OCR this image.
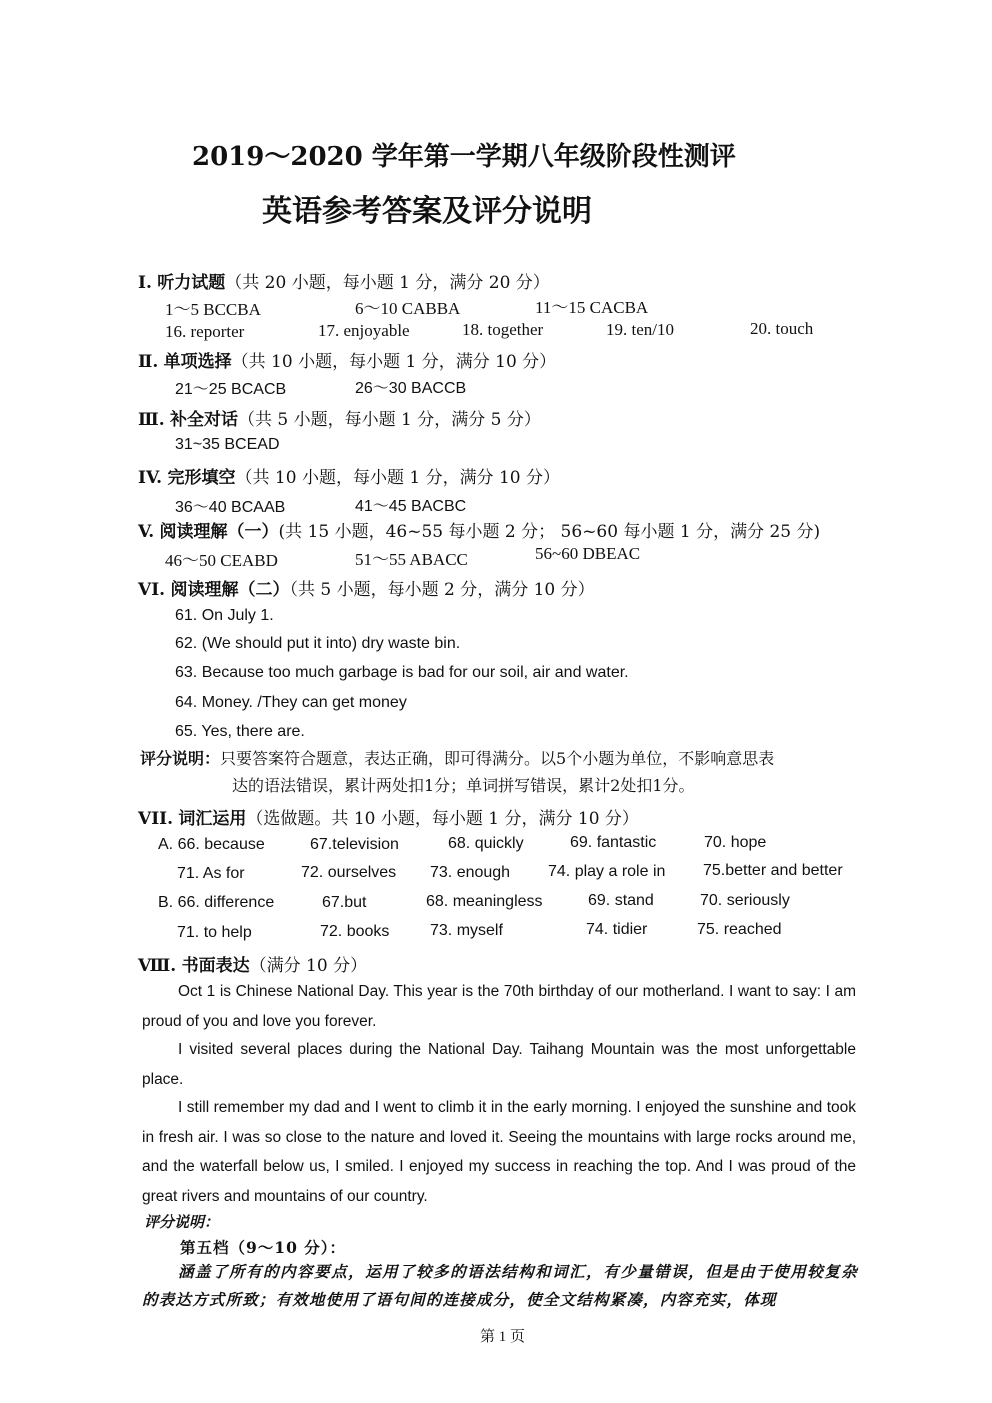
2019～2020 学年第一学期八年级阶段性测评
英语参考答案及评分说明
I. 听力试题（共 20 小题，每小题 1 分，满分 20 分）
1～5 BCCBA	6～10 CABBA	11～15 CACBA
16. reporter	17. enjoyable	18. together	19. ten/10	20. touch
Ⅱ. 单项选择（共 10 小题，每小题 1 分，满分 10 分）
21～25 BCACB	26～30 BACCB
Ⅲ. 补全对话（共 5 小题，每小题 1 分，满分 5 分）
31~35 BCEAD
IV. 完形填空（共 10 小题，每小题 1 分，满分 10 分）
36～40 BCAAB	41～45 BACBC
V. 阅读理解（一）(共 15 小题，46~55 每小题 2 分； 56~60 每小题 1 分，满分 25 分)
46～50 CEABD	51～55 ABACC	56~60 DBEAC
VI. 阅读理解（二）（共 5 小题，每小题 2 分，满分 10 分）
61. On July 1.
62. (We should put it into) dry waste bin.
63. Because too much garbage is bad for our soil, air and water.
64. Money. /They can get money
65. Yes, there are.
评分说明：只要答案符合题意，表达正确，即可得满分。以5个小题为单位，不影响意思表
达的语法错误，累计两处扣1分；单词拼写错误，累计2处扣1分。
VII. 词汇运用（选做题。共 10 小题，每小题 1 分，满分 10 分）
A. 66. because	67.television	68. quickly	69. fantastic	70. hope
71. As for	72. ourselves 73. enough 74. play a role in 75.better and better
B. 66. difference	67.but	68. meaningless	69. stand	70. seriously
71. to help	72. books	73. myself	74. tidier	75. reached
Ⅷ. 书面表达（满分 10 分）
Oct 1 is Chinese National Day. This year is the 70th birthday of our motherland. I want to say: I am proud of you and love you forever.
I visited several places during the National Day. Taihang Mountain was the most unforgettable place.
I still remember my dad and I went to climb it in the early morning. I enjoyed the sunshine and took in fresh air. I was so close to the nature and loved it. Seeing the mountains with large rocks around me, and the waterfall below us, I smiled. I enjoyed my success in reaching the top. And I was proud of the great rivers and mountains of our country.
评分说明：
第五档（9～10 分）：
涵盖了所有的内容要点，运用了较多的语法结构和词汇，有少量错误，但是由于使用较复杂的表达方式所致；有效地使用了语句间的连接成分，使全文结构紧凑，内容充实，体现
第 1 页
